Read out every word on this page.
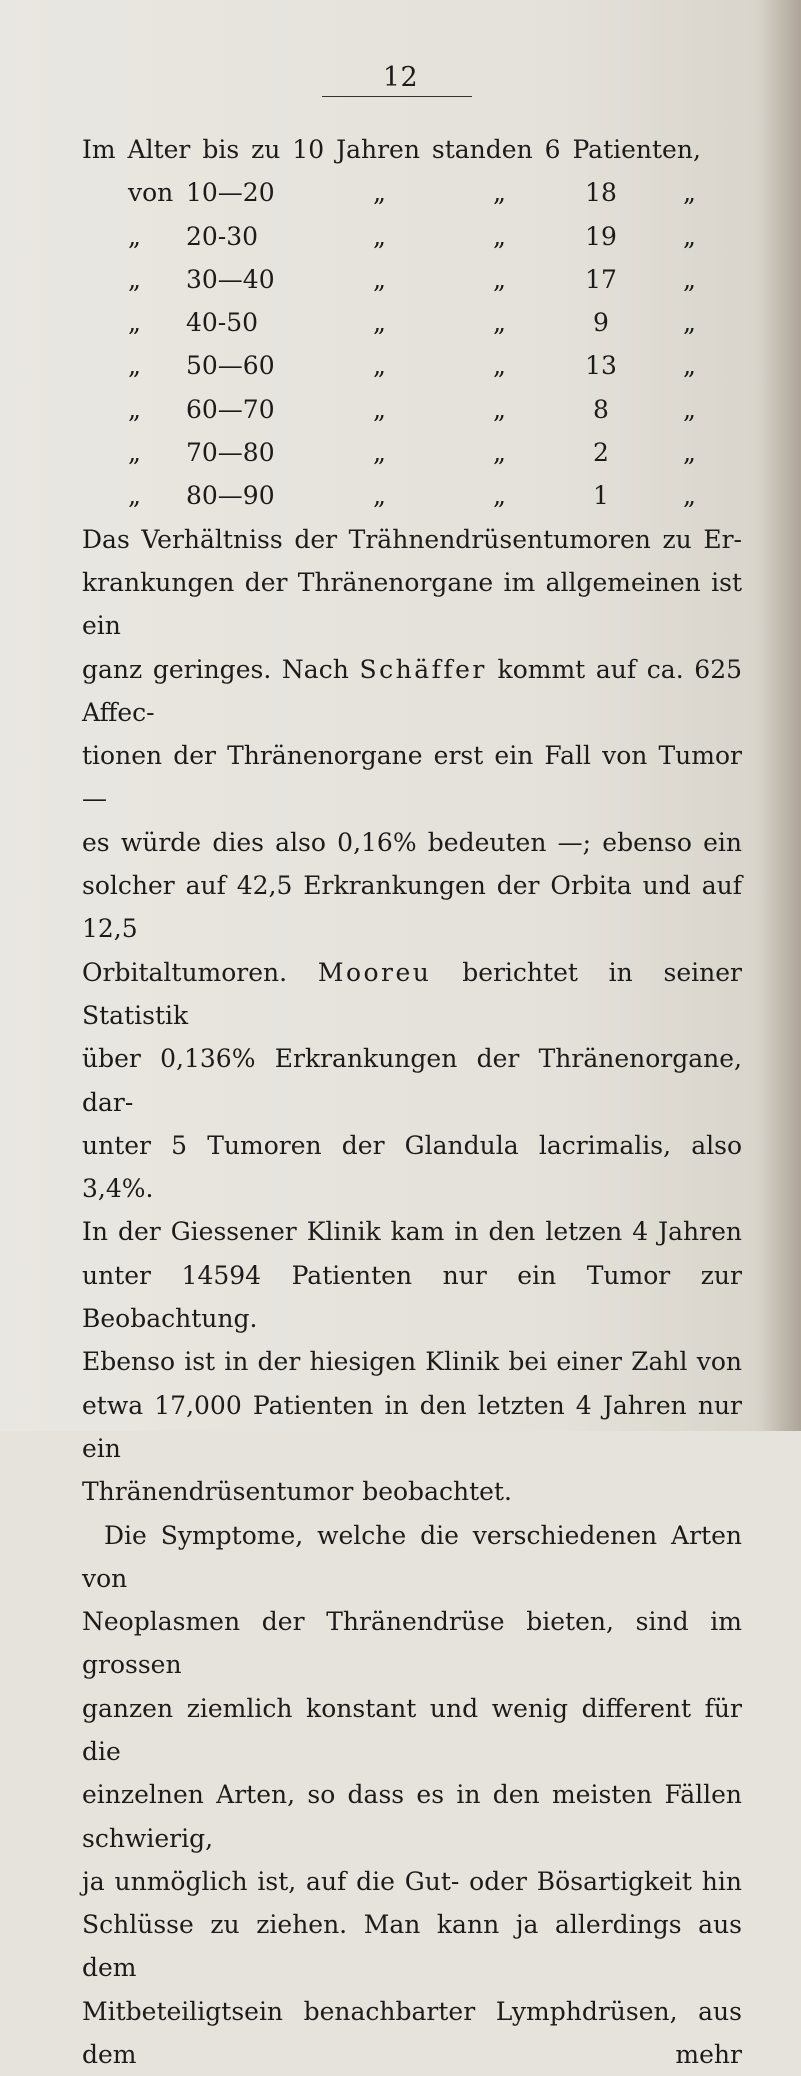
12
Im Alter bis zu 10 Jahren standen 6 Patienten,
von 10—20	„	„	18	„
„ 20-30	„	„	19	„
„ 30—40	„	„	17	„
„ 40-50	„	„	9	„
„ 50—60	„	„	13	„
„ 60—70	„	„	8	„
„ 70—80	„	„	2	„
„ 80—90	„	„	1	„

Das Verhältniss der Trähnendrüsentumoren zu Er-

krankungen der Thränenorgane im allgemeinen ist ein

ganz geringes. Nach Schäffer kommt auf ca. 625 Affec-

tionen der Thränenorgane erst ein Fall von Tumor —

es würde dies also 0,16% bedeuten —; ebenso ein

solcher auf 42,5 Erkrankungen der Orbita und auf 12,5

Orbitaltumoren. Mooreu berichtet in seiner Statistik

über 0,136% Erkrankungen der Thränenorgane, dar-

unter 5 Tumoren der Glandula lacrimalis, also 3,4%.

In der Giessener Klinik kam in den letzen 4 Jahren

unter 14594 Patienten nur ein Tumor zur Beobachtung.

Ebenso ist in der hiesigen Klinik bei einer Zahl von

etwa 17,000 Patienten in den letzten 4 Jahren nur ein

Thränendrüsentumor beobachtet.

Die Symptome, welche die verschiedenen Arten von

Neoplasmen der Thränendrüse bieten, sind im grossen

ganzen ziemlich konstant und wenig different für die

einzelnen Arten, so dass es in den meisten Fällen schwierig,

ja unmöglich ist, auf die Gut- oder Bösartigkeit hin

Schlüsse zu ziehen. Man kann ja allerdings aus dem

Mitbeteiligtsein benachbarter Lymphdrüsen, aus dem mehr
